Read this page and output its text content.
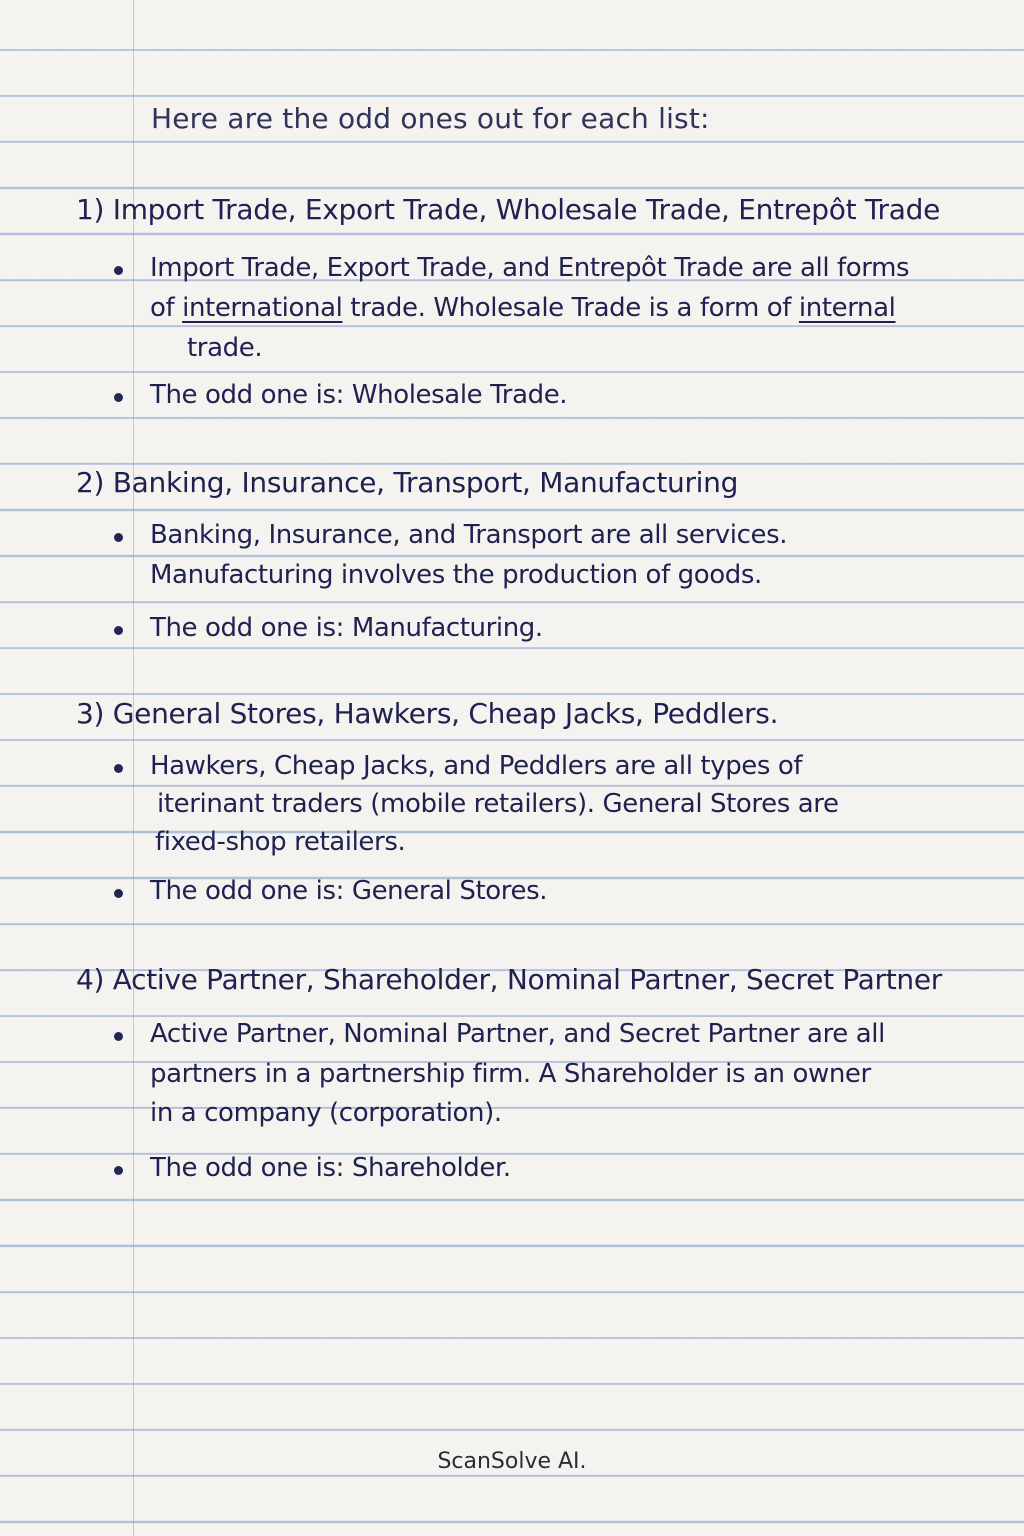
Here are the odd ones out for each list:
1) Import Trade, Export Trade, Wholesale Trade, Entrepôt Trade
Import Trade, Export Trade, and Entrepôt Trade are all forms
of international trade. Wholesale Trade is a form of internal
trade.
The odd one is: Wholesale Trade.
2) Banking, Insurance, Transport, Manufacturing
Banking, Insurance, and Transport are all services.
Manufacturing involves the production of goods.
The odd one is: Manufacturing.
3) General Stores, Hawkers, Cheap Jacks, Peddlers.
Hawkers, Cheap Jacks, and Peddlers are all types of
iterinant traders (mobile retailers). General Stores are
fixed-shop retailers.
The odd one is: General Stores.
4) Active Partner, Shareholder, Nominal Partner, Secret Partner
Active Partner, Nominal Partner, and Secret Partner are all
partners in a partnership firm. A Shareholder is an owner
in a company (corporation).
The odd one is: Shareholder.
ScanSolve AI.
